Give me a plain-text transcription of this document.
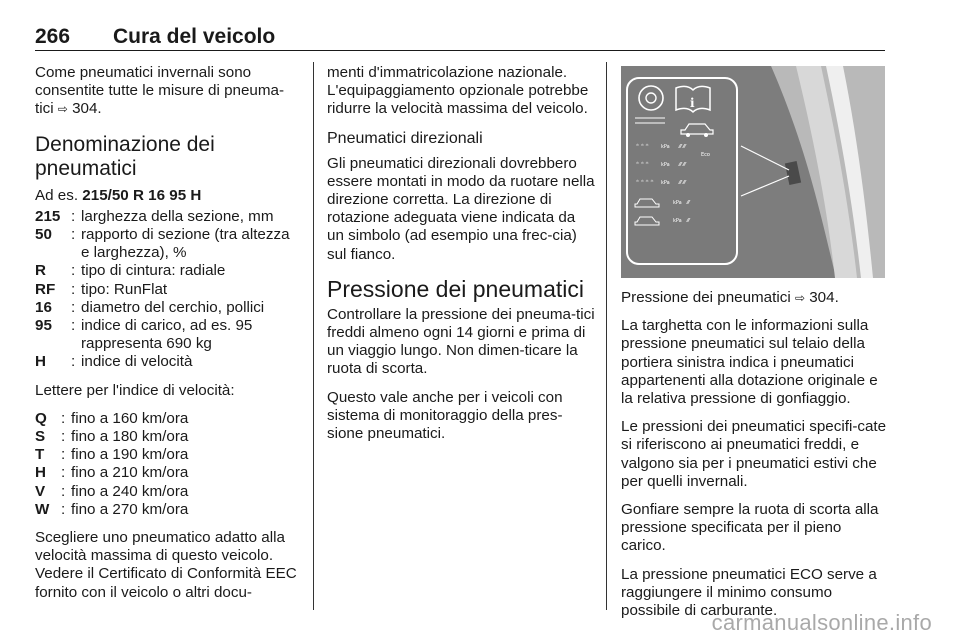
266 Cura del veicolo

Come pneumatici invernali sono consentite tutte le misure di pneuma-tici ⇨ 304.

Denominazione dei pneumatici

Ad es. 215/50 R 16 95 H

215 : larghezza della sezione, mm
50	: rapporto di sezione (tra altezza e larghezza), %
R	: tipo di cintura: radiale
RF	: tipo: RunFlat
16	: diametro del cerchio, pollici
95	: indice di carico, ad es. 95 rappresenta 690 kg
H	: indice di velocità

Lettere per l'indice di velocità:

Q : fino a 160 km/ora
S	: fino a 180 km/ora
T	: fino a 190 km/ora
H : fino a 210 km/ora
V	: fino a 240 km/ora
W : fino a 270 km/ora

Scegliere uno pneumatico adatto alla velocità massima di questo veicolo. Vedere il Certificato di Conformità EEC fornito con il veicolo o altri docu-

menti d'immatricolazione nazionale. L'equipaggiamento opzionale potrebbe ridurre la velocità massima del veicolo.

Pneumatici direzionali

Gli pneumatici direzionali dovrebbero essere montati in modo da ruotare nella direzione corretta. La direzione di rotazione adeguata viene indicata da un simbolo (ad esempio una frec-cia) sul fianco.

Pressione dei pneumatici

Controllare la pressione dei pneuma-tici freddi almeno ogni 14 giorni e prima di un viaggio lungo. Non dimen-ticare la ruota di scorta.

Questo vale anche per i veicoli con sistema di monitoraggio della pres-sione pneumatici.

i
ᅀᅀᅀ kPa ⁄⁄⁄ ⁄⁄⁄
ᅀᅀᅀ kPa ⁄⁄⁄ ⁄⁄⁄
Eco
ᅀᅀᅀᅀ kPa ⁄⁄⁄ ⁄⁄⁄
kPa ⁄⁄⁄
kPa ⁄⁄⁄

Pressione dei pneumatici ⇨ 304.

La targhetta con le informazioni sulla pressione pneumatici sul telaio della portiera sinistra indica i pneumatici appartenenti alla dotazione originale e la relativa pressione di gonfiaggio.

Le pressioni dei pneumatici specifi-cate si riferiscono ai pneumatici freddi, e valgono sia per i pneumatici estivi che per quelli invernali.

Gonfiare sempre la ruota di scorta alla pressione specificata per il pieno carico.

La pressione pneumatici ECO serve a raggiungere il minimo consumo possibile di carburante.

carmanualsonline.info
